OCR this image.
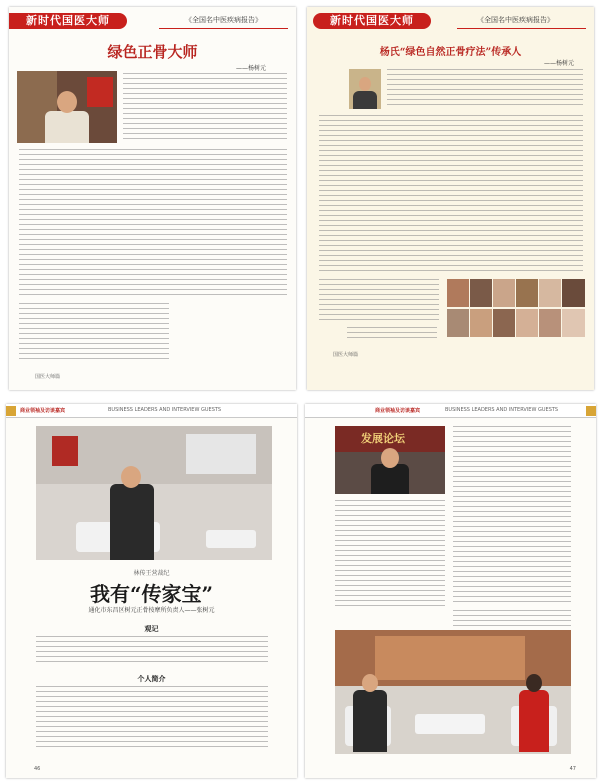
新时代国医大师	《全国名中医疾病报告》
绿色正骨大师
——杨树元
国医大师篇
新时代国医大师	《全国名中医疾病报告》
杨氏“绿色自然正骨疗法”传承人
——杨树元
国医大师篇
商业领袖及访谈嘉宾	BUSINESS LEADERS AND INTERVIEW GUESTS
林传王营裁纪
我有“传家宝”
通化市东昌区树元正骨按摩所负责人——张树元
观记
个人简介
46
商业领袖及访谈嘉宾	BUSINESS LEADERS AND INTERVIEW GUESTS
发展论坛
47
